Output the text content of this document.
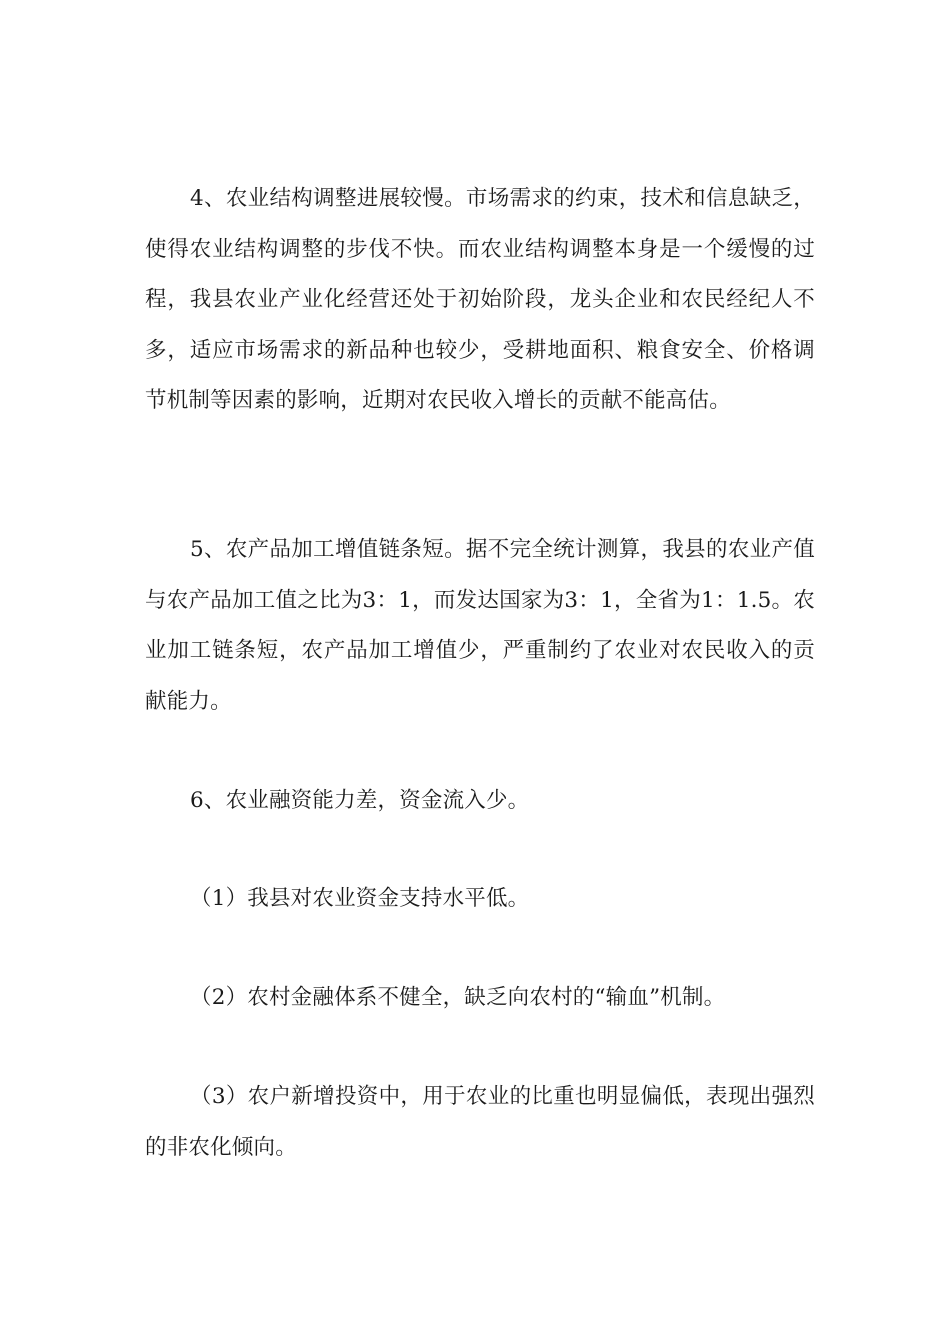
4、农业结构调整进展较慢。市场需求的约束，技术和信息缺乏，使得农业结构调整的步伐不快。而农业结构调整本身是一个缓慢的过程，我县农业产业化经营还处于初始阶段，龙头企业和农民经纪人不多，适应市场需求的新品种也较少，受耕地面积、粮食安全、价格调节机制等因素的影响，近期对农民收入增长的贡献不能高估。

5、农产品加工增值链条短。据不完全统计测算，我县的农业产值与农产品加工值之比为3：1，而发达国家为3：1，全省为1：1.5。农业加工链条短，农产品加工增值少，严重制约了农业对农民收入的贡献能力。

6、农业融资能力差，资金流入少。

（1）我县对农业资金支持水平低。

（2）农村金融体系不健全，缺乏向农村的“输血”机制。

（3）农户新增投资中，用于农业的比重也明显偏低，表现出强烈的非农化倾向。
